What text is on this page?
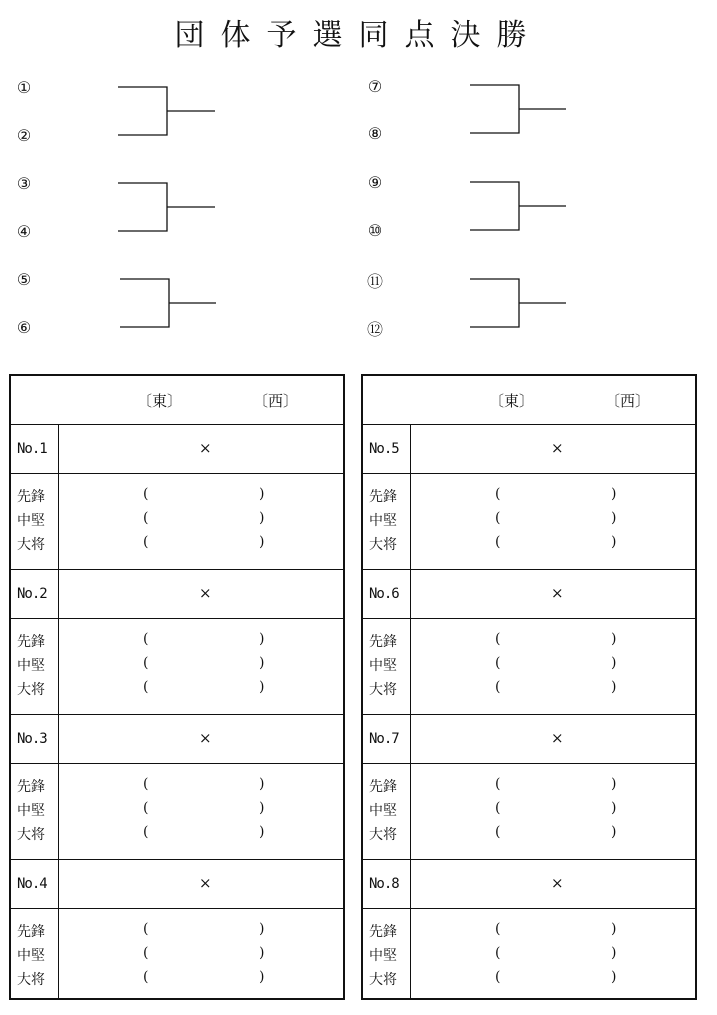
団体予選同点決勝
①
②
③
④
⑤
⑥
⑦
⑧
⑨
⑩
⑪
⑫
〔東〕	〔西〕
No.1	×
先鋒	(	)
中堅	(	)
大将	(	)
No.2	×
先鋒	(	)
中堅	(	)
大将	(	)
No.3	×
先鋒	(	)
中堅	(	)
大将	(	)
No.4	×
先鋒	(	)
中堅	(	)
大将	(	)
〔東〕	〔西〕
No.5	×
先鋒	(	)
中堅	(	)
大将	(	)
No.6	×
先鋒	(	)
中堅	(	)
大将	(	)
No.7	×
先鋒	(	)
中堅	(	)
大将	(	)
No.8	×
先鋒	(	)
中堅	(	)
大将	(	)
